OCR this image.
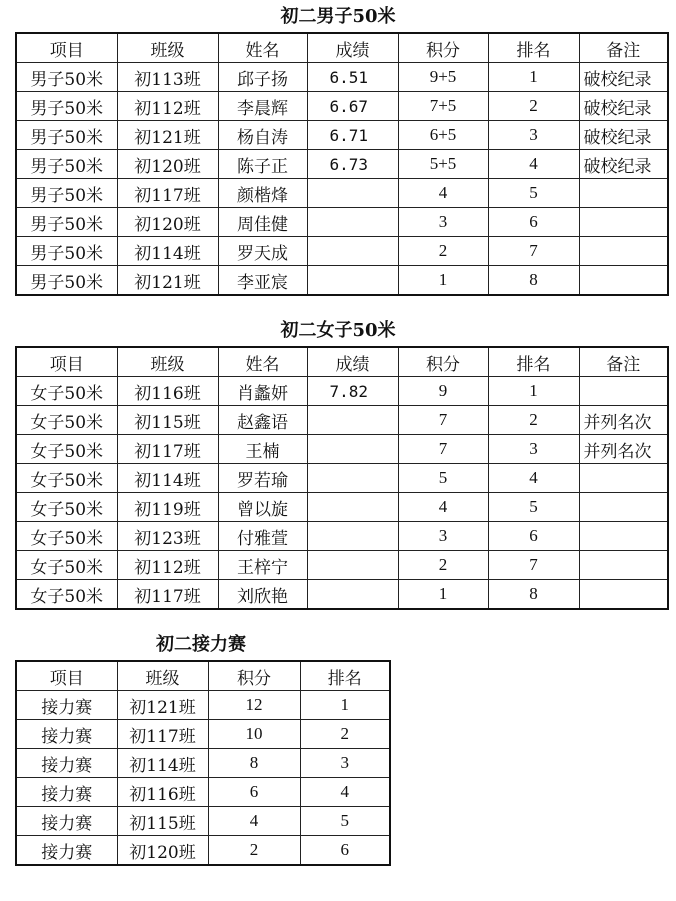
初二男子50米
项目	班级	姓名	成绩	积分	排名	备注
男子50米	初113班	邱子扬	6.51	9+5	1	破校纪录
男子50米	初112班	李晨辉	6.67	7+5	2	破校纪录
男子50米	初121班	杨自涛	6.71	6+5	3	破校纪录
男子50米	初120班	陈子正	6.73	5+5	4	破校纪录
男子50米	初117班	颜楷烽		4	5	
男子50米	初120班	周佳健		3	6	
男子50米	初114班	罗天成		2	7	
男子50米	初121班	李亚宸		1	8	
初二女子50米
项目	班级	姓名	成绩	积分	排名	备注
女子50米	初116班	肖蠡妍	7.82	9	1	
女子50米	初115班	赵鑫语		7	2	并列名次
女子50米	初117班	王楠		7	3	并列名次
女子50米	初114班	罗若瑜		5	4	
女子50米	初119班	曾以旋		4	5	
女子50米	初123班	付雅萱		3	6	
女子50米	初112班	王梓宁		2	7	
女子50米	初117班	刘欣艳		1	8	
初二接力赛
项目	班级	积分	排名
接力赛	初121班	12	1
接力赛	初117班	10	2
接力赛	初114班	8	3
接力赛	初116班	6	4
接力赛	初115班	4	5
接力赛	初120班	2	6
